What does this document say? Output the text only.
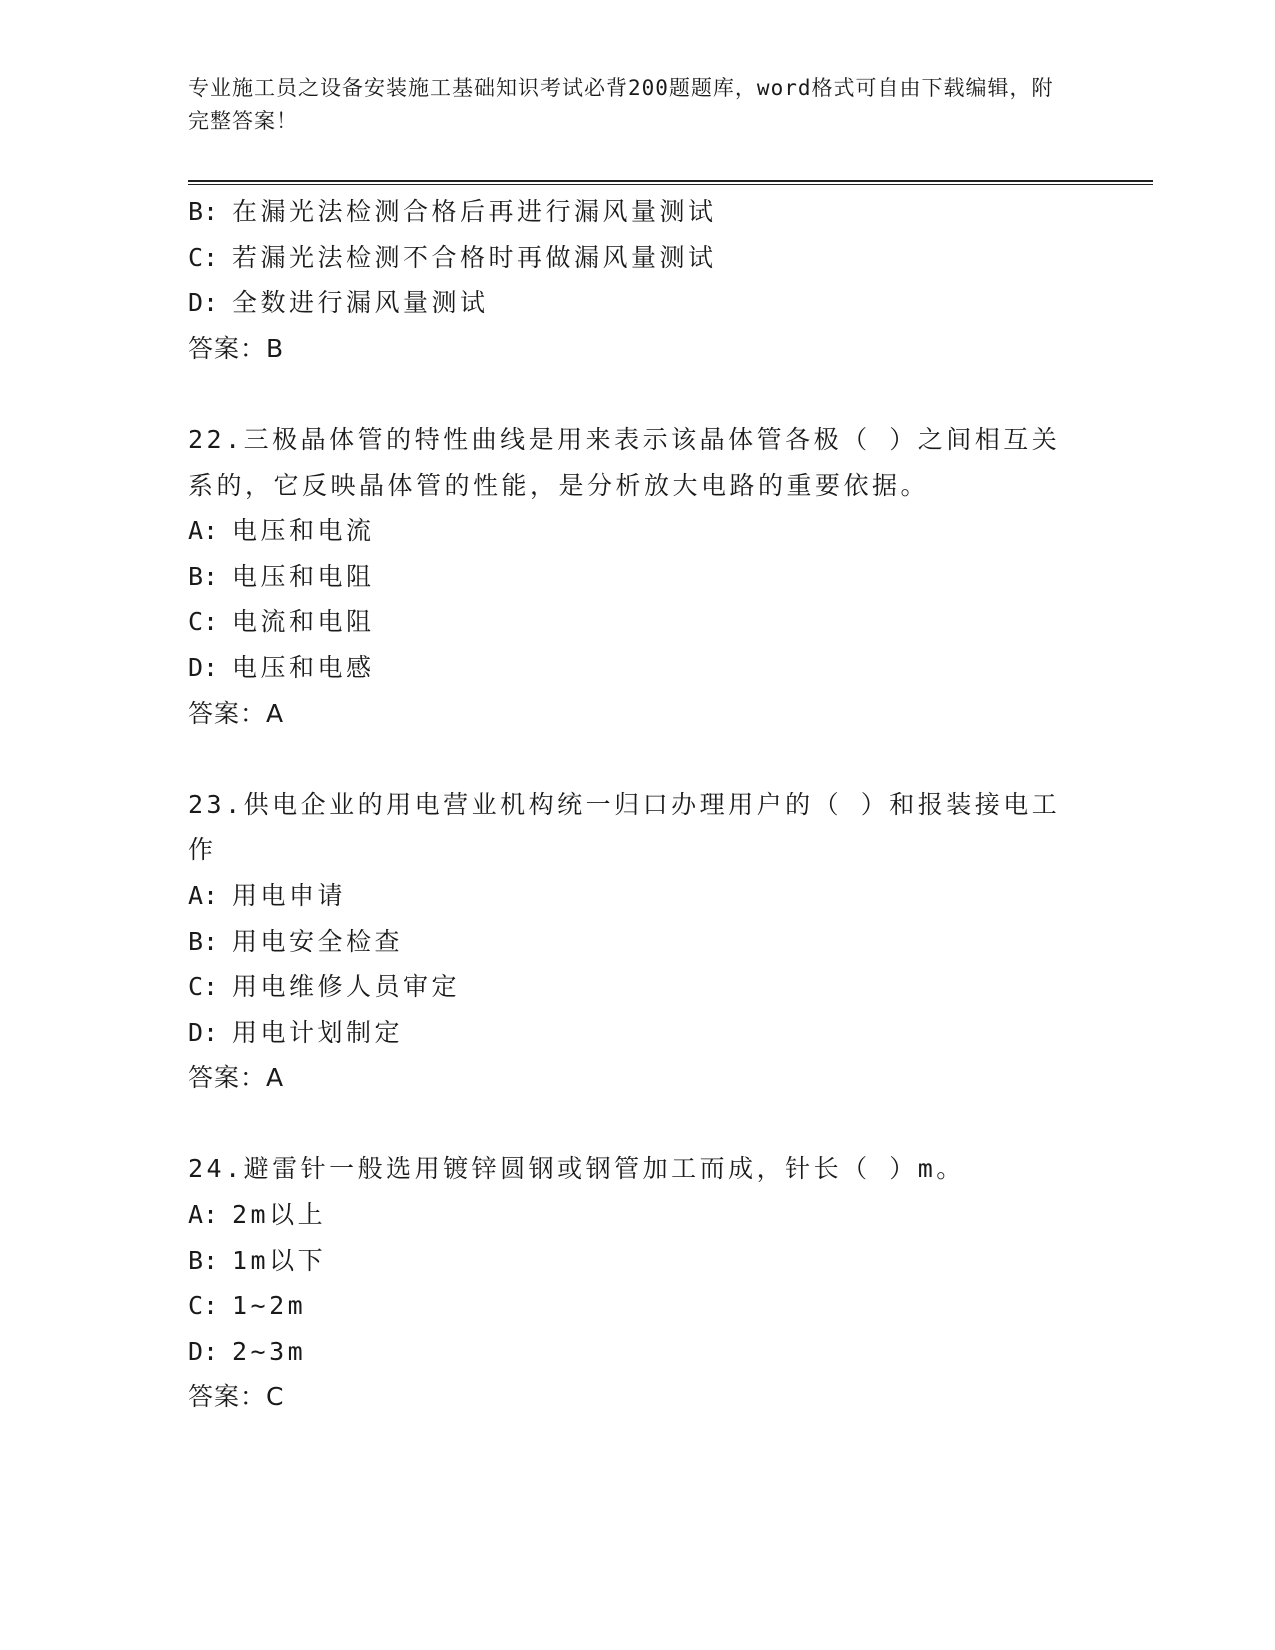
专业施工员之设备安装施工基础知识考试必背200题题库，word格式可自由下载编辑，附完整答案！
B: 在漏光法检测合格后再进行漏风量测试
C: 若漏光法检测不合格时再做漏风量测试
D: 全数进行漏风量测试
答案：B
22.三极晶体管的特性曲线是用来表示该晶体管各极（ ）之间相互关系的，它反映晶体管的性能，是分析放大电路的重要依据。
A: 电压和电流
B: 电压和电阻
C: 电流和电阻
D: 电压和电感
答案：A
23.供电企业的用电营业机构统一归口办理用户的（ ）和报装接电工作
A: 用电申请
B: 用电安全检查
C: 用电维修人员审定
D: 用电计划制定
答案：A
24.避雷针一般选用镀锌圆钢或钢管加工而成，针长（ ）m。
A: 2m以上
B: 1m以下
C: 1~2m
D: 2~3m
答案：C
